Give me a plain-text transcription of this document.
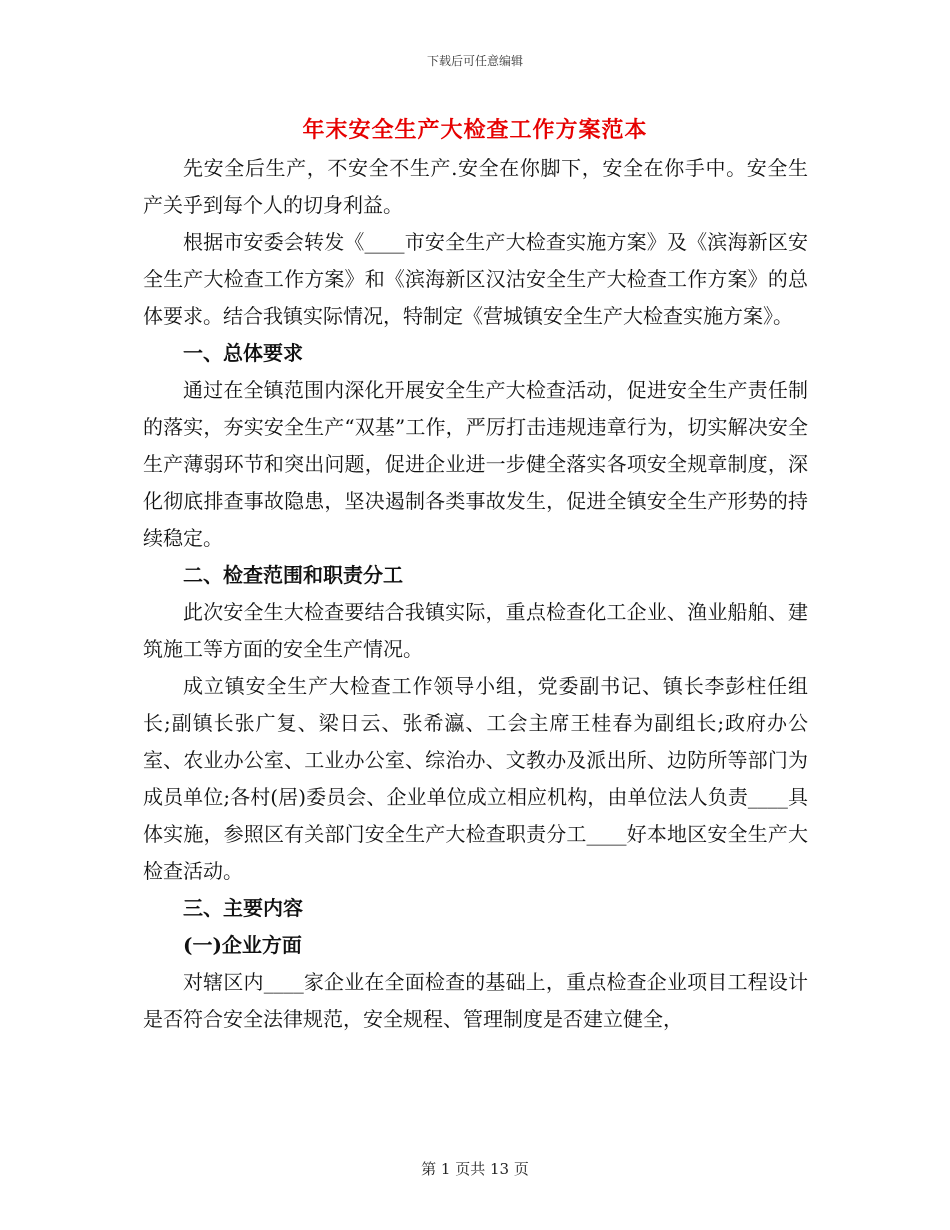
下载后可任意编辑
年末安全生产大检查工作方案范本

先安全后生产，不安全不生产.安全在你脚下，安全在你手中。安全生产关乎到每个人的切身利益。

根据市安委会转发《____市安全生产大检查实施方案》及《滨海新区安全生产大检查工作方案》和《滨海新区汉沽安全生产大检查工作方案》的总体要求。结合我镇实际情况，特制定《营城镇安全生产大检查实施方案》。

一、总体要求

通过在全镇范围内深化开展安全生产大检查活动，促进安全生产责任制的落实，夯实安全生产“双基”工作，严厉打击违规违章行为，切实解决安全生产薄弱环节和突出问题，促进企业进一步健全落实各项安全规章制度，深化彻底排查事故隐患，坚决遏制各类事故发生，促进全镇安全生产形势的持续稳定。

二、检查范围和职责分工

此次安全生大检查要结合我镇实际，重点检查化工企业、渔业船舶、建筑施工等方面的安全生产情况。

成立镇安全生产大检查工作领导小组，党委副书记、镇长李彭柱任组长;副镇长张广复、梁日云、张希瀛、工会主席王桂春为副组长;政府办公室、农业办公室、工业办公室、综治办、文教办及派出所、边防所等部门为成员单位;各村(居)委员会、企业单位成立相应机构，由单位法人负责____具体实施，参照区有关部门安全生产大检查职责分工____好本地区安全生产大检查活动。

三、主要内容
(一)企业方面

对辖区内____家企业在全面检查的基础上，重点检查企业项目工程设计是否符合安全法律规范，安全规程、管理制度是否建立健全，

第 1 页共 13 页
